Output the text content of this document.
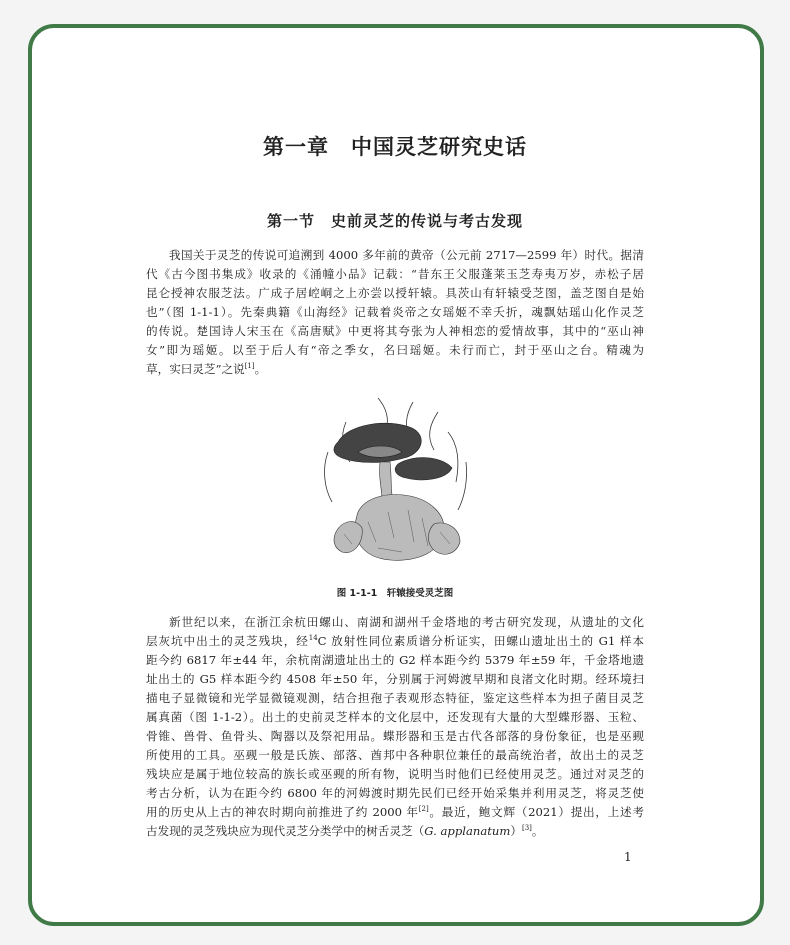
第一章　中国灵芝研究史话
第一节　史前灵芝的传说与考古发现

我国关于灵芝的传说可追溯到 4000 多年前的黄帝（公元前 2717—2599 年）时代。据清
代《古今图书集成》收录的《涌幢小品》记载：“昔东王父服蓬莱玉芝寿夷万岁，赤松子居
昆仑授神农服芝法。广成子居崆峒之上亦尝以授轩辕。具茨山有轩辕受芝图，盖芝图自是始
也”（图 1-1-1）。先秦典籍《山海经》记载着炎帝之女瑶姬不幸夭折，魂飘姑瑶山化作灵芝
的传说。楚国诗人宋玉在《高唐赋》中更将其夸张为人神相恋的爱情故事，其中的“巫山神
女”即为瑶姬。以至于后人有“帝之季女，名曰瑶姬。未行而亡，封于巫山之台。精魂为
草，实曰灵芝”之说[1]。

图 1-1-1　轩辕接受灵芝图

新世纪以来，在浙江余杭田螺山、南湖和湖州千金塔地的考古研究发现，从遗址的文化
层灰坑中出土的灵芝残块，经$^{14}$C 放射性同位素质谱分析证实，田螺山遗址出土的 G1 样本
距今约 6817 年±44 年，余杭南湖遗址出土的 G2 样本距今约 5379 年±59 年，千金塔地遗
址出土的 G5 样本距今约 4508 年±50 年，分别属于河姆渡早期和良渚文化时期。经环境扫
描电子显微镜和光学显微镜观测，结合担孢子表观形态特征，鉴定这些样本为担子菌目灵芝
属真菌（图 1-1-2）。出土的史前灵芝样本的文化层中，还发现有大量的大型蝶形器、玉粒、
骨锥、兽骨、鱼骨头、陶器以及祭祀用品。蝶形器和玉是古代各部落的身份象征，也是巫觋
所使用的工具。巫觋一般是氏族、部落、酋邦中各种职位兼任的最高统治者，故出土的灵芝
残块应是属于地位较高的族长或巫觋的所有物，说明当时他们已经使用灵芝。通过对灵芝的
考古分析，认为在距今约 6800 年的河姆渡时期先民们已经开始采集并利用灵芝，将灵芝使
用的历史从上古的神农时期向前推进了约 2000 年[2]。最近，鲍文辉（2021）提出，上述考
古发现的灵芝残块应为现代灵芝分类学中的树舌灵芝（G. applanatum）[3]。

1
